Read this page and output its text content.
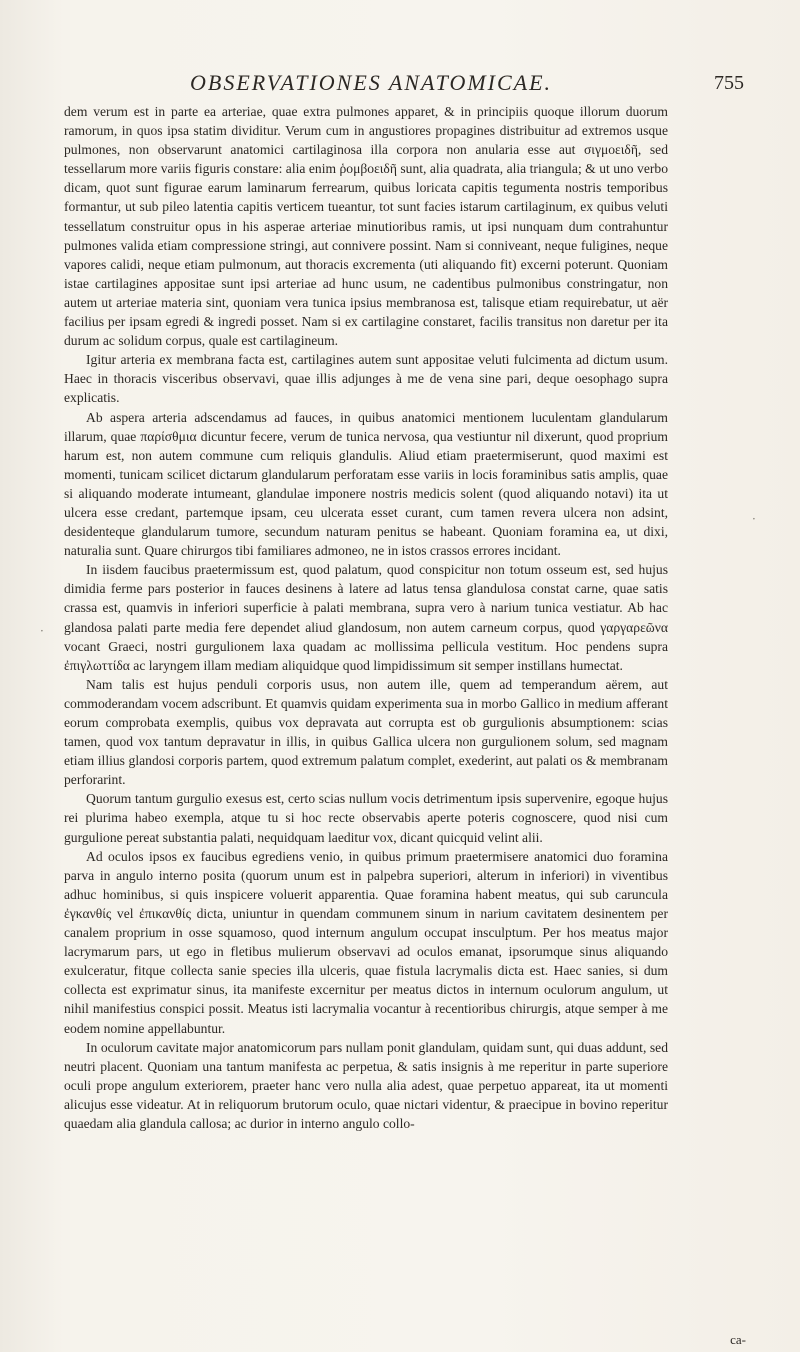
OBSERVATIONES ANATOMICAE.	755

dem verum est in parte ea arteriae, quae extra pulmones apparet, & in principiis quoque illorum duorum ramorum, in quos ipsa statim dividitur. Verum cum in angustiores propagines distribuitur ad extremos usque pulmones, non observarunt anatomici cartilaginosa illa corpora non anularia esse aut σιγμοειδῆ, sed tessellarum more variis figuris constare: alia enim ῥομβοειδῆ sunt, alia quadrata, alia triangula; & ut uno verbo dicam, quot sunt figurae earum laminarum ferrearum, quibus loricata capitis tegumenta nostris temporibus formantur, ut sub pileo latentia capitis verticem tueantur, tot sunt facies istarum cartilaginum, ex quibus veluti tessellatum construitur opus in his asperae arteriae minutioribus ramis, ut ipsi nunquam dum contrahuntur pulmones valida etiam compressione stringi, aut connivere possint. Nam si conniveant, neque fuligines, neque vapores calidi, neque etiam pulmonum, aut thoracis excrementa (uti aliquando fit) excerni poterunt. Quoniam istae cartilagines appositae sunt ipsi arteriae ad hunc usum, ne cadentibus pulmonibus constringatur, non autem ut arteriae materia sint, quoniam vera tunica ipsius membranosa est, talisque etiam requirebatur, ut aër facilius per ipsam egredi & ingredi posset. Nam si ex cartilagine constaret, facilis transitus non daretur per ita durum ac solidum corpus, quale est cartilagineum.

Igitur arteria ex membrana facta est, cartilagines autem sunt appositae veluti fulcimenta ad dictum usum. Haec in thoracis visceribus observavi, quae illis adjunges à me de vena sine pari, deque oesophago supra explicatis.

Ab aspera arteria adscendamus ad fauces, in quibus anatomici mentionem luculentam glandularum illarum, quae παρίσθμια dicuntur fecere, verum de tunica nervosa, qua vestiuntur nil dixerunt, quod proprium harum est, non autem commune cum reliquis glandulis. Aliud etiam praetermiserunt, quod maximi est momenti, tunicam scilicet dictarum glandularum perforatam esse variis in locis foraminibus satis amplis, quae si aliquando moderate intumeant, glandulae imponere nostris medicis solent (quod aliquando notavi) ita ut ulcera esse credant, partemque ipsam, ceu ulcerata esset curant, cum tamen revera ulcera non adsint, desidenteque glandularum tumore, secundum naturam penitus se habeant. Quoniam foramina ea, ut dixi, naturalia sunt. Quare chirurgos tibi familiares admoneo, ne in istos crassos errores incidant.

In iisdem faucibus praetermissum est, quod palatum, quod conspicitur non totum osseum est, sed hujus dimidia ferme pars posterior in fauces desinens à latere ad latus tensa glandulosa constat carne, quae satis crassa est, quamvis in inferiori superficie à palati membrana, supra vero à narium tunica vestiatur. Ab hac glandosa palati parte media fere dependet aliud glandosum, non autem carneum corpus, quod γαργαρεῶνα vocant Graeci, nostri gurgulionem laxa quadam ac mollissima pellicula vestitum. Hoc pendens supra ἐπιγλωττίδα ac laryngem illam mediam aliquidque quod limpidissimum sit semper instillans humectat.

Nam talis est hujus penduli corporis usus, non autem ille, quem ad temperandum aërem, aut commoderandam vocem adscribunt. Et quamvis quidam experimenta sua in morbo Gallico in medium afferant eorum comprobata exemplis, quibus vox depravata aut corrupta est ob gurgulionis absumptionem: scias tamen, quod vox tantum depravatur in illis, in quibus Gallica ulcera non gurgulionem solum, sed magnam etiam illius glandosi corporis partem, quod extremum palatum complet, exederint, aut palati os & membranam perforarint.

Quorum tantum gurgulio exesus est, certo scias nullum vocis detrimentum ipsis supervenire, egoque hujus rei plurima habeo exempla, atque tu si hoc recte observabis aperte poteris cognoscere, quod nisi cum gurgulione pereat substantia palati, nequidquam laeditur vox, dicant quicquid velint alii.

Ad oculos ipsos ex faucibus egrediens venio, in quibus primum praetermisere anatomici duo foramina parva in angulo interno posita (quorum unum est in palpebra superiori, alterum in inferiori) in viventibus adhuc hominibus, si quis inspicere voluerit apparentia. Quae foramina habent meatus, qui sub caruncula ἐγκανθίς vel ἐπικανθίς dicta, uniuntur in quendam communem sinum in narium cavitatem desinentem per canalem proprium in osse squamoso, quod internum angulum occupat insculptum. Per hos meatus major lacrymarum pars, ut ego in fletibus mulierum observavi ad oculos emanat, ipsorumque sinus aliquando exulceratur, fitque collecta sanie species illa ulceris, quae fistula lacrymalis dicta est. Haec sanies, si dum collecta est exprimatur sinus, ita manifeste excernitur per meatus dictos in internum oculorum angulum, ut nihil manifestius conspici possit. Meatus isti lacrymalia vocantur à recentioribus chirurgis, atque semper à me eodem nomine appellabuntur.

In oculorum cavitate major anatomicorum pars nullam ponit glandulam, quidam sunt, qui duas addunt, sed neutri placent. Quoniam una tantum manifesta ac perpetua, & satis insignis à me reperitur in parte superiore oculi prope angulum exteriorem, praeter hanc vero nulla alia adest, quae perpetuo appareat, ita ut momenti alicujus esse videatur. At in reliquorum brutorum oculo, quae nictari videntur, & praecipue in bovino reperitur quaedam alia glandula callosa; ac durior in interno angulo collo-

ca-
·
·
